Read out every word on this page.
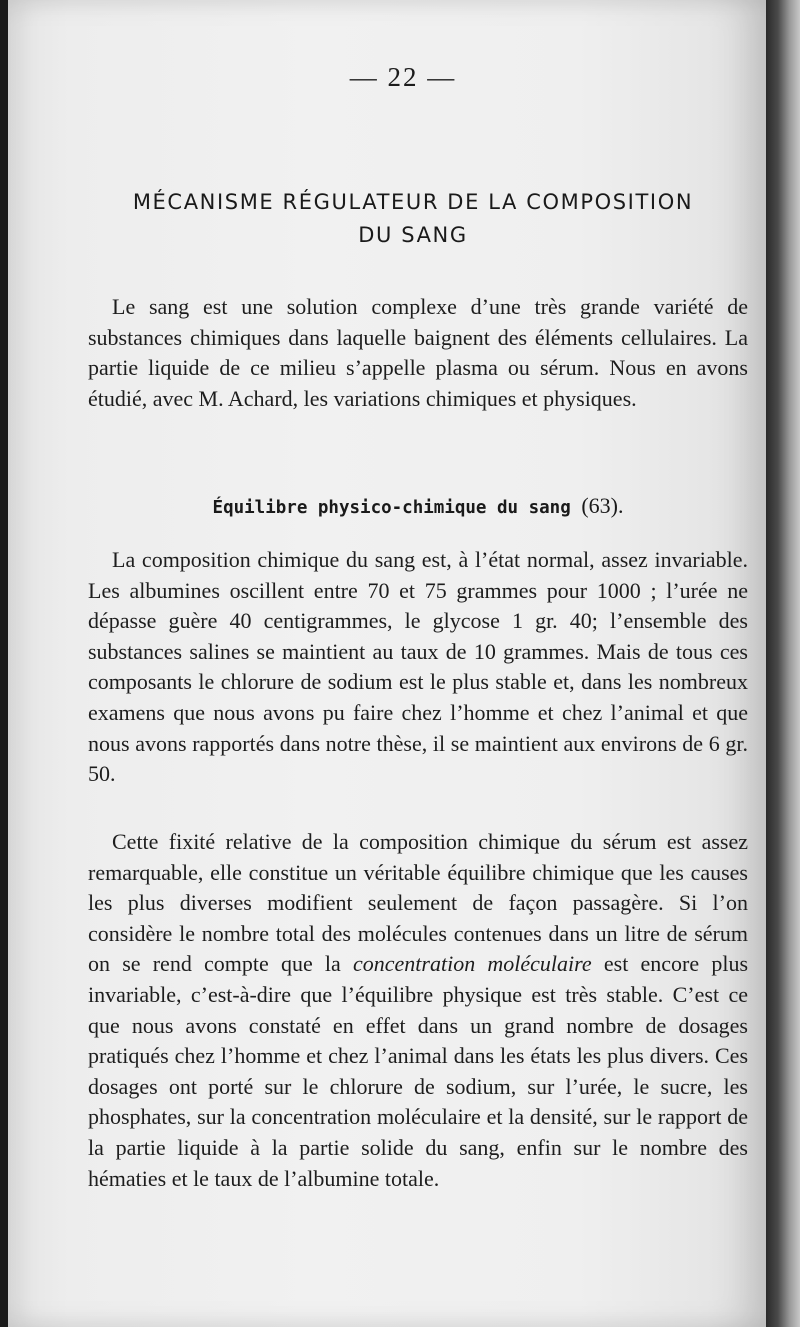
— 22 —
MÉCANISME RÉGULATEUR DE LA COMPOSITION
DU SANG

Le sang est une solution complexe d’une très grande variété de substances chimiques dans laquelle baignent des éléments cellulaires. La partie liquide de ce milieu s’appelle plasma ou sérum. Nous en avons étudié, avec M. Achard, les variations chimiques et physiques.

Équilibre physico-chimique du sang (63).

La composition chimique du sang est, à l’état normal, assez invariable. Les albumines oscillent entre 70 et 75 grammes pour 1000 ; l’urée ne dépasse guère 40 centigrammes, le glycose 1 gr. 40; l’ensemble des substances salines se maintient au taux de 10 grammes. Mais de tous ces composants le chlorure de sodium est le plus stable et, dans les nombreux examens que nous avons pu faire chez l’homme et chez l’animal et que nous avons rapportés dans notre thèse, il se maintient aux environs de 6 gr. 50.

Cette fixité relative de la composition chimique du sérum est assez remarquable, elle constitue un véritable équilibre chimique que les causes les plus diverses modifient seulement de façon passagère. Si l’on considère le nombre total des molécules contenues dans un litre de sérum on se rend compte que la concentration moléculaire est encore plus invariable, c’est-à-dire que l’équilibre physique est très stable. C’est ce que nous avons constaté en effet dans un grand nombre de dosages pratiqués chez l’homme et chez l’animal dans les états les plus divers. Ces dosages ont porté sur le chlorure de sodium, sur l’urée, le sucre, les phosphates, sur la concentration moléculaire et la densité, sur le rapport de la partie liquide à la partie solide du sang, enfin sur le nombre des hématies et le taux de l’albumine totale.
